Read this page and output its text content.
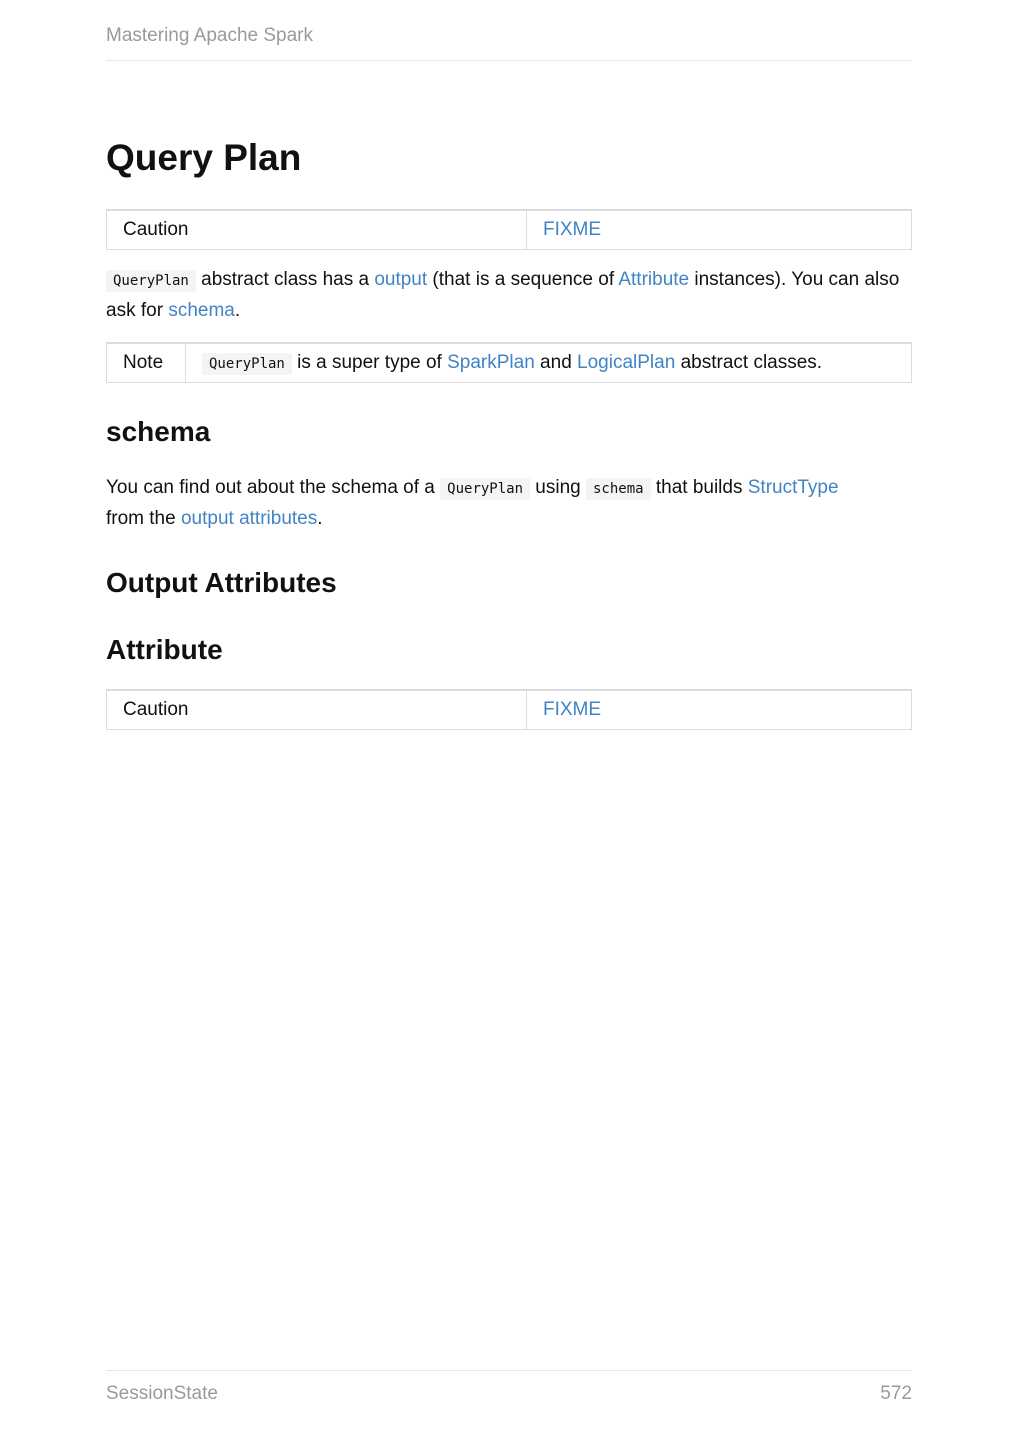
Mastering Apache Spark
Query Plan
Caution	FIXME

QueryPlan abstract class has a output (that is a sequence of Attribute instances). You can also ask for schema.

Note	QueryPlan is a super type of SparkPlan and LogicalPlan abstract classes.
schema

You can find out about the schema of a QueryPlan using schema that builds StructType
from the output attributes.

Output Attributes
Attribute
Caution	FIXME
SessionState	572
